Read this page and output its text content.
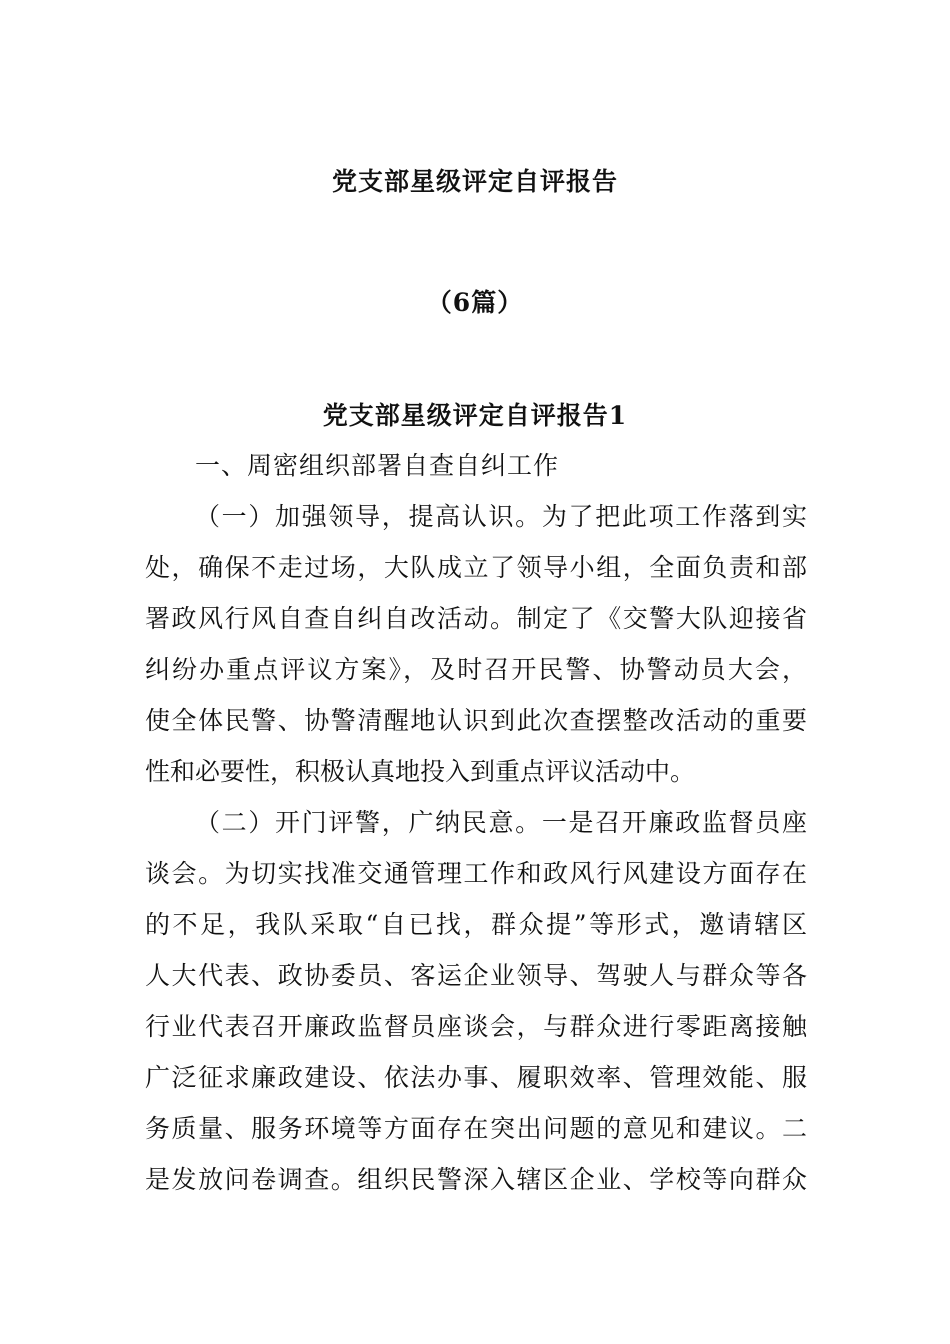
党支部星级评定自评报告
（6篇）
党支部星级评定自评报告1
一、周密组织部署自查自纠工作
（一）加强领导，提高认识。为了把此项工作落到实
处，确保不走过场，大队成立了领导小组，全面负责和部
署政风行风自查自纠自改活动。制定了《交警大队迎接省
纠纷办重点评议方案》，及时召开民警、协警动员大会，
使全体民警、协警清醒地认识到此次查摆整改活动的重要
性和必要性，积极认真地投入到重点评议活动中。
（二）开门评警，广纳民意。一是召开廉政监督员座
谈会。为切实找准交通管理工作和政风行风建设方面存在
的不足，我队采取“自已找，群众提”等形式，邀请辖区
人大代表、政协委员、客运企业领导、驾驶人与群众等各
行业代表召开廉政监督员座谈会，与群众进行零距离接触
广泛征求廉政建设、依法办事、履职效率、管理效能、服
务质量、服务环境等方面存在突出问题的意见和建议。二
是发放问卷调查。组织民警深入辖区企业、学校等向群众
